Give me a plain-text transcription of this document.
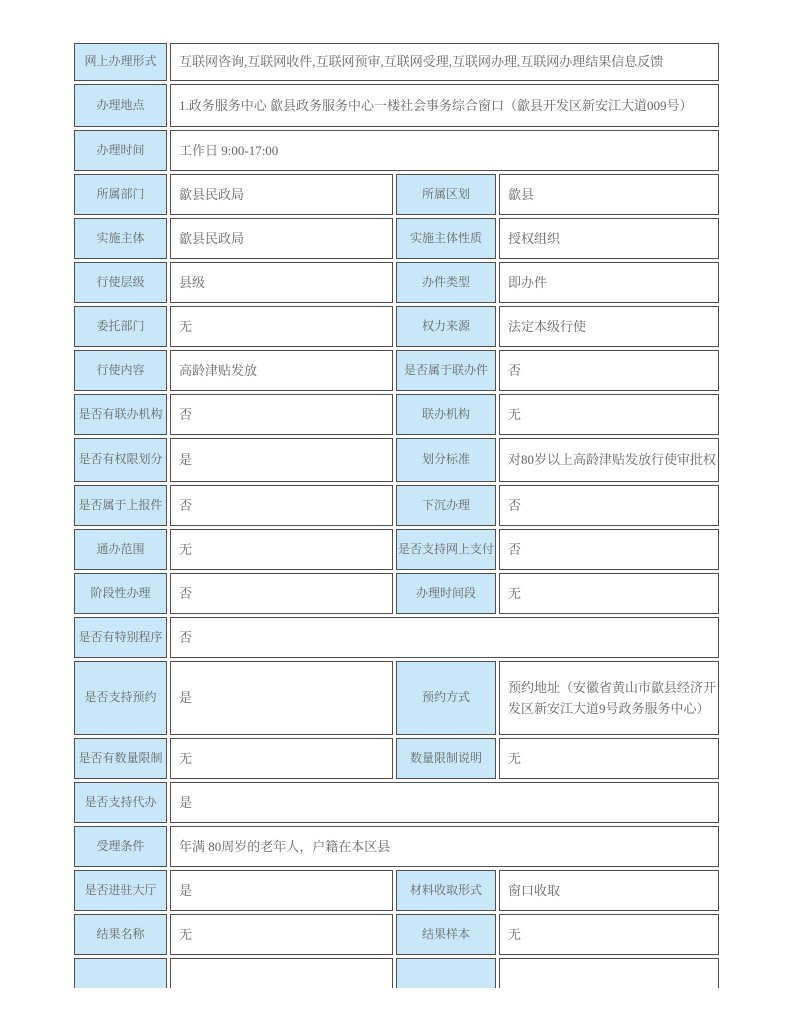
网上办理形式	互联网咨询,互联网收件,互联网预审,互联网受理,互联网办理,互联网办理结果信息反馈		
办理地点	1.政务服务中心 歙县政务服务中心一楼社会事务综合窗口（歙县开发区新安江大道009号）		
办理时间	工作日 9:00-17:00		
所属部门	歙县民政局	所属区划	歙县
实施主体	歙县民政局	实施主体性质	授权组织
行使层级	县级	办件类型	即办件
委托部门	无	权力来源	法定本级行使
行使内容	高龄津贴发放	是否属于联办件	否
是否有联办机构	否	联办机构	无
是否有权限划分	是	划分标准	对80岁以上高龄津贴发放行使审批权
是否属于上报件	否	下沉办理	否
通办范围	无	是否支持网上支付	否
阶段性办理	否	办理时间段	无
是否有特别程序	否		
是否支持预约	是	预约方式	预约地址（安徽省黄山市歙县经济开发区新安江大道9号政务服务中心）
是否有数量限制	无	数量限制说明	无
是否支持代办	是		
受理条件	年满 80周岁的老年人，户籍在本区县		
是否进驻大厅	是	材料收取形式	窗口收取
结果名称	无	结果样本	无
